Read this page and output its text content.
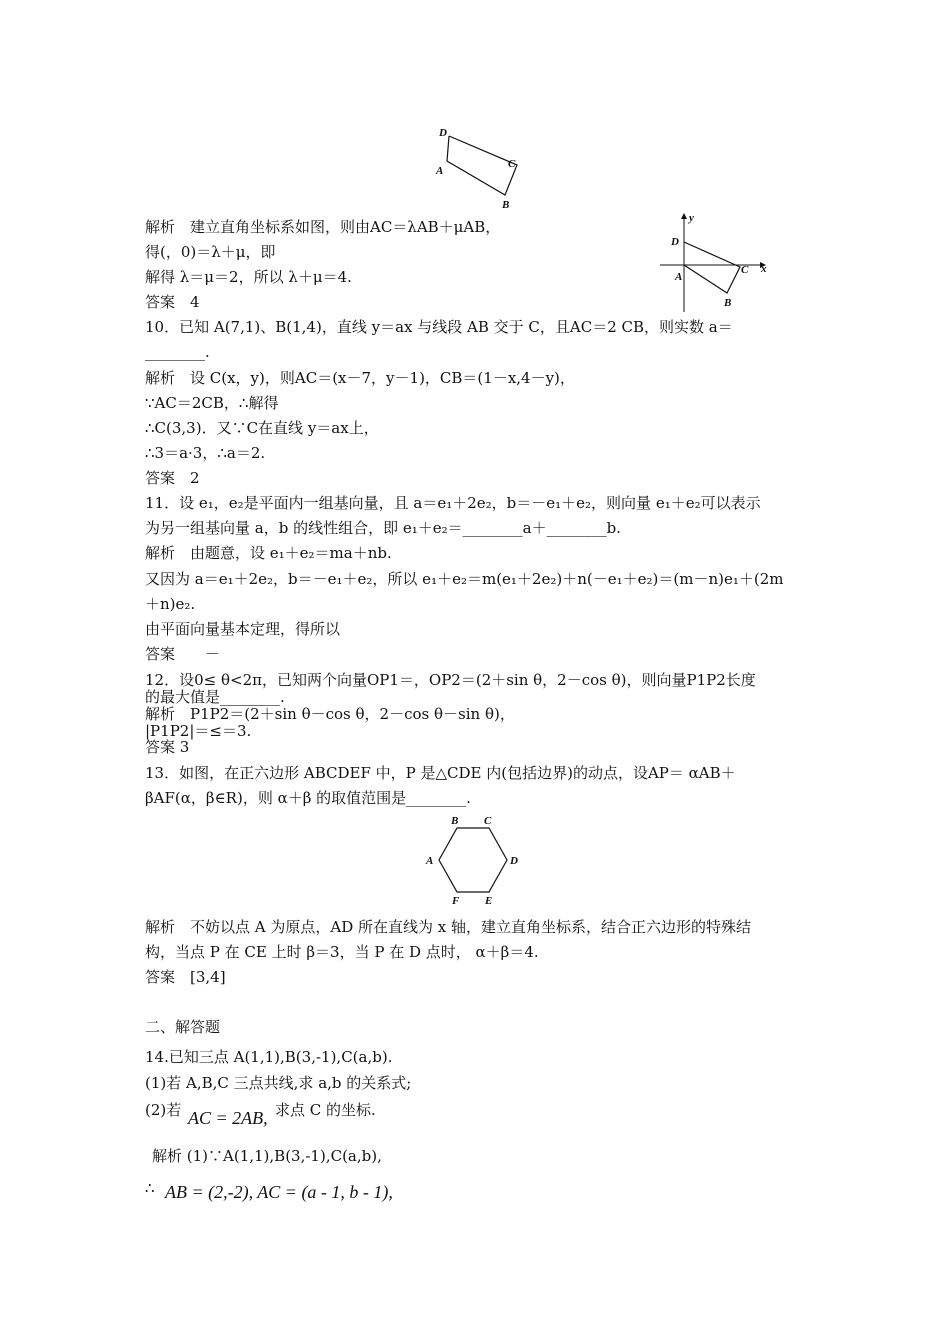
D
A
C
B
y
x
D
A
C
B
B C
A	D
F E
解析　建立直角坐标系如图，则由AC＝λAB＋μAB，
得(，0)＝λ＋μ，即
解得 λ＝μ＝2，所以 λ＋μ＝4.
答案　4
10．已知 A(7,1)、B(1,4)，直线 y＝ax 与线段 AB 交于 C，且AC＝2 CB，则实数 a＝
________.
解析　设 C(x，y)，则AC＝(x－7，y－1)，CB＝(1－x,4－y)，
∵AC＝2CB，∴解得
∴C(3,3)．又∵C在直线 y＝ax上，
∴3＝a·3，∴a＝2.
答案　2
11．设 e₁，e₂是平面内一组基向量，且 a＝e₁＋2e₂，b＝－e₁＋e₂，则向量 e₁＋e₂可以表示
为另一组基向量 a，b 的线性组合，即 e₁＋e₂＝________a＋________b.
解析　由题意，设 e₁＋e₂＝ma＋nb.
又因为 a＝e₁＋2e₂，b＝－e₁＋e₂，所以 e₁＋e₂＝m(e₁＋2e₂)＋n(－e₁＋e₂)＝(m－n)e₁＋(2m
＋n)e₂.
由平面向量基本定理，得所以
答案　　－
12．设0≤ θ<2π，已知两个向量OP1＝，OP2＝(2＋sin θ，2－cos θ)，则向量P1P2长度
的最大值是________.
解析　P1P2＝(2＋sin θ－cos θ，2－cos θ－sin θ)，
|P1P2|＝≤＝3.
答案 3
13．如图，在正六边形 ABCDEF 中，P 是△CDE 内(包括边界)的动点，设AP＝ αAB＋
βAF(α，β∈R)，则 α＋β 的取值范围是________.
解析　不妨以点 A 为原点，AD 所在直线为 x 轴，建立直角坐标系，结合正六边形的特殊结
构，当点 P 在 CE 上时 β＝3，当 P 在 D 点时， α＋β＝4.
答案　[3,4]
二、解答题
14.已知三点 A(1,1),B(3,-1),C(a,b).
(1)若 A,B,C 三点共线,求 a,b 的关系式;
(2)若 AC = 2AB, 求点 C 的坐标.
解析 (1)∵A(1,1),B(3,-1),C(a,b),
∴ AB = (2,-2), AC = (a - 1, b - 1),
